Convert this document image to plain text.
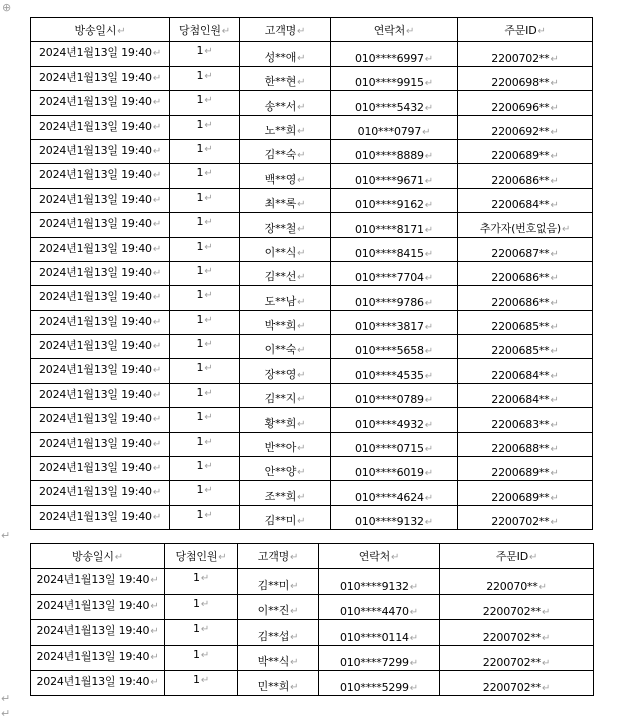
⊕
↵
↵
↵
방송일시↵	당첨인원↵	고객명↵	연락처↵	주문ID↵
2024년1월13일 19:40↵	1↵	성**애↵	010****6997↵	2200702**↵
2024년1월13일 19:40↵	1↵	한**현↵	010****9915↵	2200698**↵
2024년1월13일 19:40↵	1↵	송**서↵	010****5432↵	2200696**↵
2024년1월13일 19:40↵	1↵	노**희↵	010***0797↵	2200692**↵
2024년1월13일 19:40↵	1↵	김**숙↵	010****8889↵	2200689**↵
2024년1월13일 19:40↵	1↵	백**영↵	010****9671↵	2200686**↵
2024년1월13일 19:40↵	1↵	최**록↵	010****9162↵	2200684**↵
2024년1월13일 19:40↵	1↵	장**철↵	010****8171↵	추가자(번호없음)↵
2024년1월13일 19:40↵	1↵	이**식↵	010****8415↵	2200687**↵
2024년1월13일 19:40↵	1↵	김**선↵	010****7704↵	2200686**↵
2024년1월13일 19:40↵	1↵	도**남↵	010****9786↵	2200686**↵
2024년1월13일 19:40↵	1↵	박**희↵	010****3817↵	2200685**↵
2024년1월13일 19:40↵	1↵	이**숙↵	010****5658↵	2200685**↵
2024년1월13일 19:40↵	1↵	장**영↵	010****4535↵	2200684**↵
2024년1월13일 19:40↵	1↵	김**지↵	010****0789↵	2200684**↵
2024년1월13일 19:40↵	1↵	황**희↵	010****4932↵	2200683**↵
2024년1월13일 19:40↵	1↵	반**아↵	010****0715↵	2200688**↵
2024년1월13일 19:40↵	1↵	안**양↵	010****6019↵	2200689**↵
2024년1월13일 19:40↵	1↵	조**희↵	010****4624↵	2200689**↵
2024년1월13일 19:40↵	1↵	김**미↵	010****9132↵	2200702**↵
방송일시↵	당첨인원↵	고객명↵	연락처↵	주문ID↵
2024년1월13일 19:40↵	1↵	김**미↵	010****9132↵	220070**↵
2024년1월13일 19:40↵	1↵	이**진↵	010****4470↵	2200702**↵
2024년1월13일 19:40↵	1↵	김**섭↵	010****0114↵	2200702**↵
2024년1월13일 19:40↵	1↵	박**식↵	010****7299↵	2200702**↵
2024년1월13일 19:40↵	1↵	민**희↵	010****5299↵	2200702**↵
